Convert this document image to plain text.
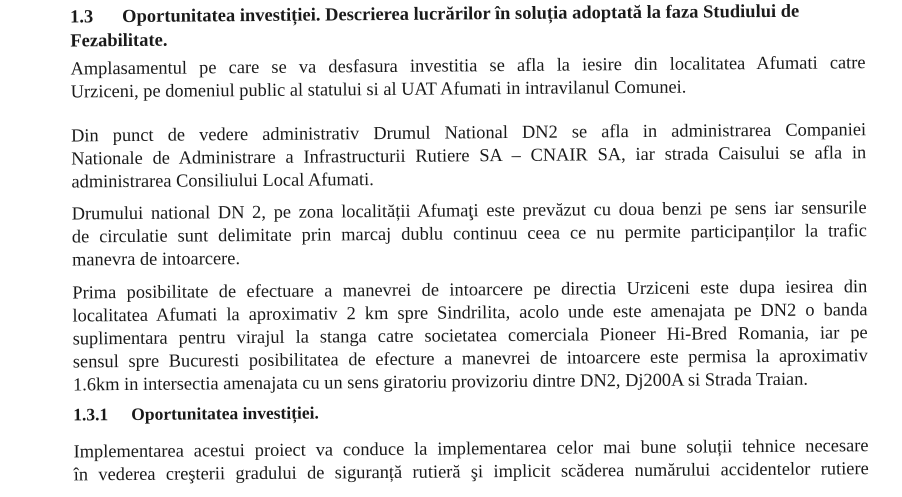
1.3 Oportunitatea investiției. Descrierea lucrărilor în soluția adoptată la faza Studiului de
Fezabilitate.

Amplasamentul pe care se va desfasura investitia se afla la iesire din localitatea Afumati catre
Urziceni, pe domeniul public al statului si al UAT Afumati in intravilanul Comunei.

Din punct de vedere administrativ Drumul National DN2 se afla in administrarea Companiei
Nationale de Administrare a Infrastructurii Rutiere SA – CNAIR SA, iar strada Caisului se afla in
administrarea Consiliului Local Afumati.

Drumului national DN 2, pe zona localității Afumaţi este prevăzut cu doua benzi pe sens iar sensurile
de circulatie sunt delimitate prin marcaj dublu continuu ceea ce nu permite participanților la trafic
manevra de intoarcere.

Prima posibilitate de efectuare a manevrei de intoarcere pe directia Urziceni este dupa iesirea din
localitatea Afumati la aproximativ 2 km spre Sindrilita, acolo unde este amenajata pe DN2 o banda
suplimentara pentru virajul la stanga catre societatea comerciala Pioneer Hi-Bred Romania, iar pe
sensul spre Bucuresti posibilitatea de efecture a manevrei de intoarcere este permisa la aproximativ
1.6km in intersectia amenajata cu un sens giratoriu provizoriu dintre DN2, Dj200A si Strada Traian.

1.3.1 Oportunitatea investiției.

Implementarea acestui proiect va conduce la implementarea celor mai bune soluții tehnice necesare
în vederea creşterii gradului de siguranță rutieră şi implicit scăderea numărului accidentelor rutiere
